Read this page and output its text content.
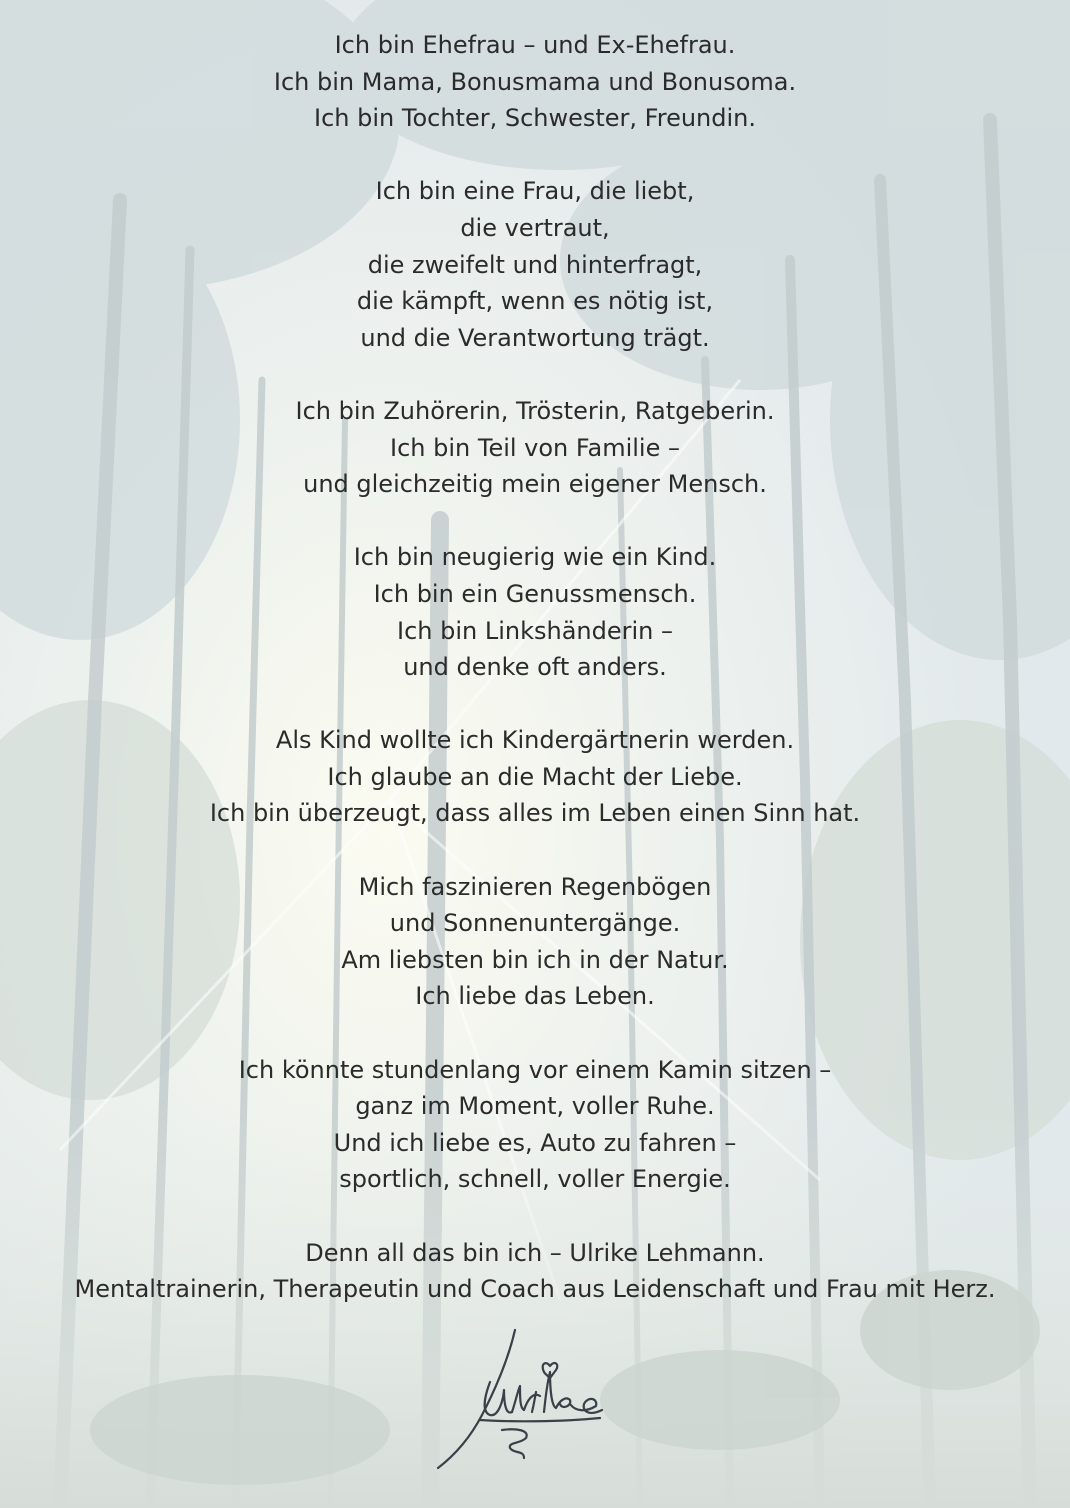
Ich bin Ehefrau – und Ex-Ehefrau.
Ich bin Mama, Bonusmama und Bonusoma.
Ich bin Tochter, Schwester, Freundin.
Ich bin eine Frau, die liebt,
die vertraut,
die zweifelt und hinterfragt,
die kämpft, wenn es nötig ist,
und die Verantwortung trägt.
Ich bin Zuhörerin, Trösterin, Ratgeberin.
Ich bin Teil von Familie –
und gleichzeitig mein eigener Mensch.
Ich bin neugierig wie ein Kind.
Ich bin ein Genussmensch.
Ich bin Linkshänderin –
und denke oft anders.
Als Kind wollte ich Kindergärtnerin werden.
Ich glaube an die Macht der Liebe.
Ich bin überzeugt, dass alles im Leben einen Sinn hat.
Mich faszinieren Regenbögen
und Sonnenuntergänge.
Am liebsten bin ich in der Natur.
Ich liebe das Leben.
Ich könnte stundenlang vor einem Kamin sitzen –
ganz im Moment, voller Ruhe.
Und ich liebe es, Auto zu fahren –
sportlich, schnell, voller Energie.
Denn all das bin ich – Ulrike Lehmann.
Mentaltrainerin, Therapeutin und Coach aus Leidenschaft und Frau mit Herz.
